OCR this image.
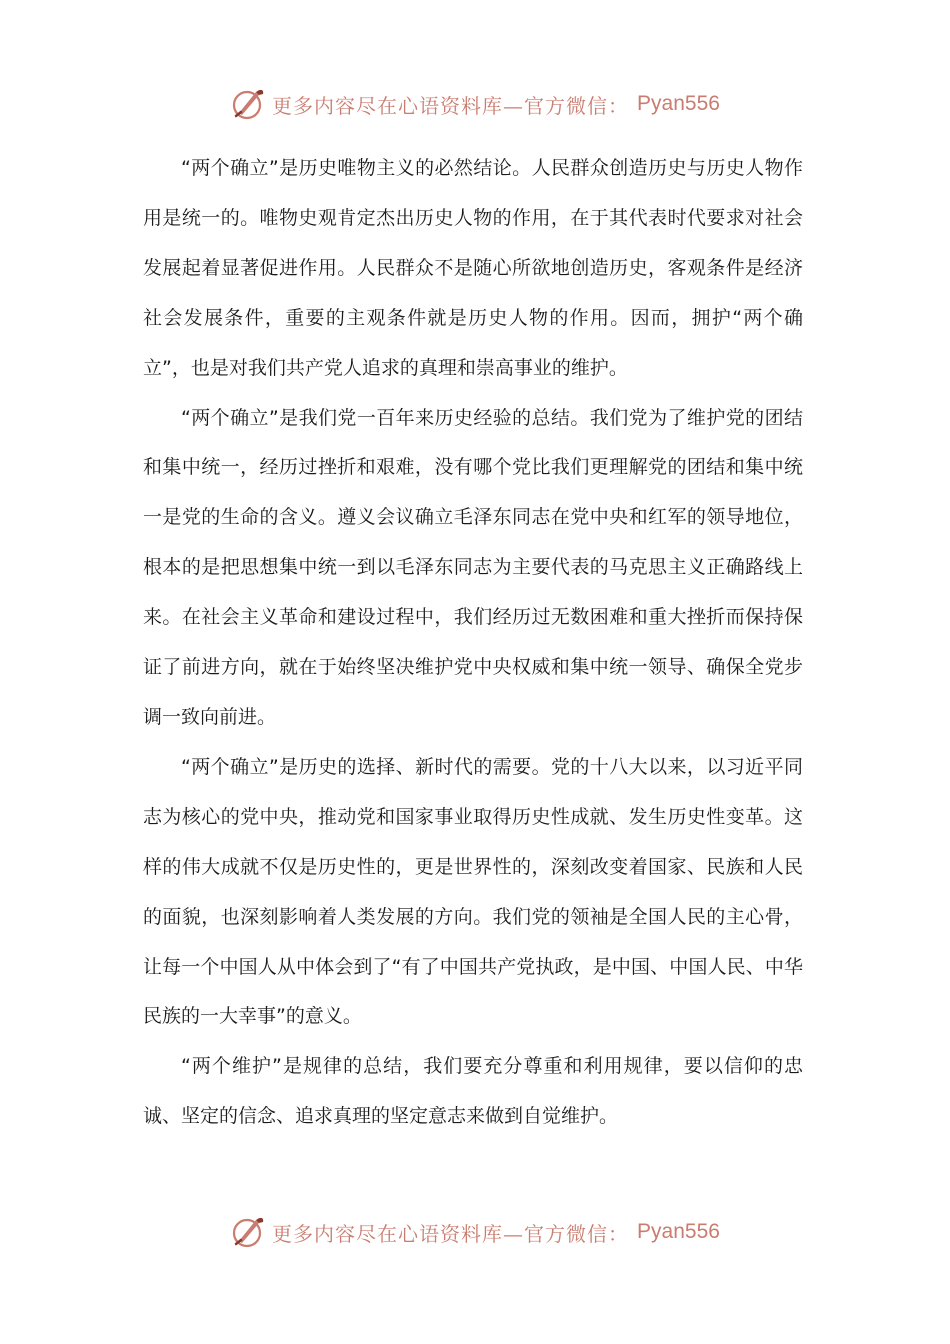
更多内容尽在心语资料库—官方微信： Pyan556

“两个确立”是历史唯物主义的必然结论。人民群众创造历史与历史人物作用是统一的。唯物史观肯定杰出历史人物的作用，在于其代表时代要求对社会发展起着显著促进作用。人民群众不是随心所欲地创造历史，客观条件是经济社会发展条件，重要的主观条件就是历史人物的作用。因而，拥护“两个确立”，也是对我们共产党人追求的真理和崇高事业的维护。

“两个确立”是我们党一百年来历史经验的总结。我们党为了维护党的团结和集中统一，经历过挫折和艰难，没有哪个党比我们更理解党的团结和集中统一是党的生命的含义。遵义会议确立毛泽东同志在党中央和红军的领导地位，根本的是把思想集中统一到以毛泽东同志为主要代表的马克思主义正确路线上来。在社会主义革命和建设过程中，我们经历过无数困难和重大挫折而保持保证了前进方向，就在于始终坚决维护党中央权威和集中统一领导、确保全党步调一致向前进。

“两个确立”是历史的选择、新时代的需要。党的十八大以来，以习近平同志为核心的党中央，推动党和国家事业取得历史性成就、发生历史性变革。这样的伟大成就不仅是历史性的，更是世界性的，深刻改变着国家、民族和人民的面貌，也深刻影响着人类发展的方向。我们党的领袖是全国人民的主心骨，让每一个中国人从中体会到了“有了中国共产党执政，是中国、中国人民、中华民族的一大幸事”的意义。

“两个维护”是规律的总结，我们要充分尊重和利用规律，要以信仰的忠诚、坚定的信念、追求真理的坚定意志来做到自觉维护。

更多内容尽在心语资料库—官方微信： Pyan556
